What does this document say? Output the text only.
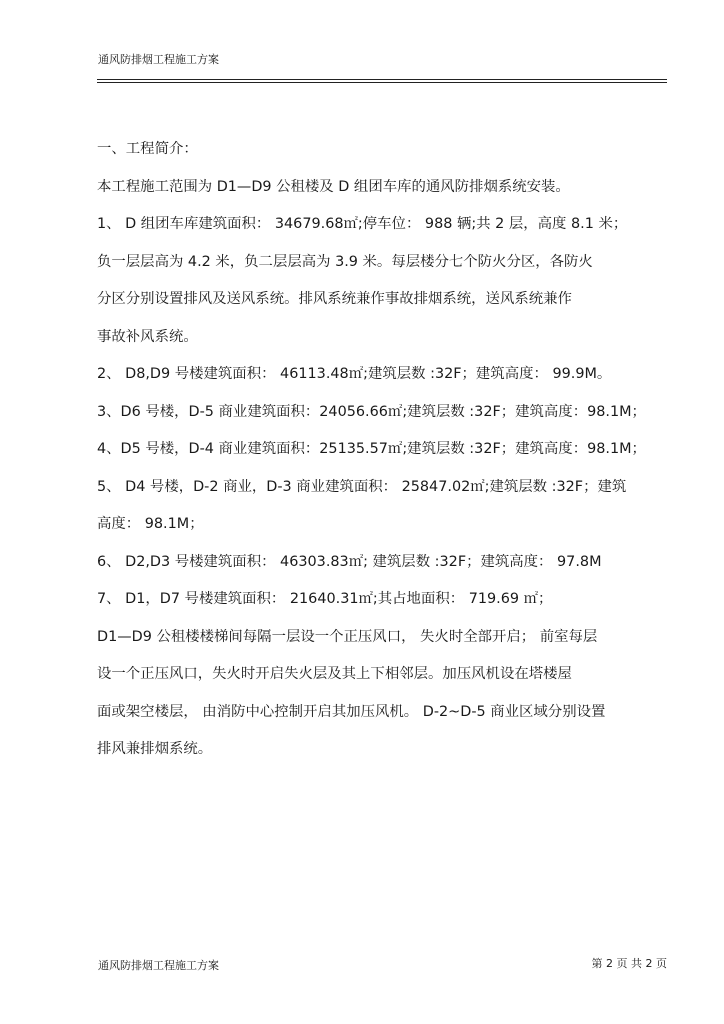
通风防排烟工程施工方案
一、工程简介：
本工程施工范围为 D1—D9 公租楼及 D 组团车库的通风防排烟系统安装。
1、 D 组团车库建筑面积： 34679.68㎡;停车位： 988 辆;共 2 层，高度 8.1 米；
负一层层高为 4.2 米，负二层层高为 3.9 米。每层楼分七个防火分区，各防火
分区分别设置排风及送风系统。排风系统兼作事故排烟系统，送风系统兼作
事故补风系统。
2、 D8,D9 号楼建筑面积： 46113.48㎡;建筑层数 :32F；建筑高度： 99.9M。
3、D6 号楼，D-5 商业建筑面积：24056.66㎡;建筑层数 :32F；建筑高度：98.1M；
4、D5 号楼，D-4 商业建筑面积：25135.57㎡;建筑层数 :32F；建筑高度：98.1M；
5、 D4 号楼，D-2 商业，D-3 商业建筑面积： 25847.02㎡;建筑层数 :32F；建筑
高度： 98.1M；
6、 D2,D3 号楼建筑面积： 46303.83㎡; 建筑层数 :32F；建筑高度： 97.8M
7、 D1，D7 号楼建筑面积： 21640.31㎡;其占地面积： 719.69 ㎡；
D1—D9 公租楼楼梯间每隔一层设一个正压风口， 失火时全部开启； 前室每层
设一个正压风口，失火时开启失火层及其上下相邻层。加压风机设在塔楼屋
面或架空楼层， 由消防中心控制开启其加压风机。 D-2~D-5 商业区域分别设置
排风兼排烟系统。
通风防排烟工程施工方案	第 2 页 共 2 页
